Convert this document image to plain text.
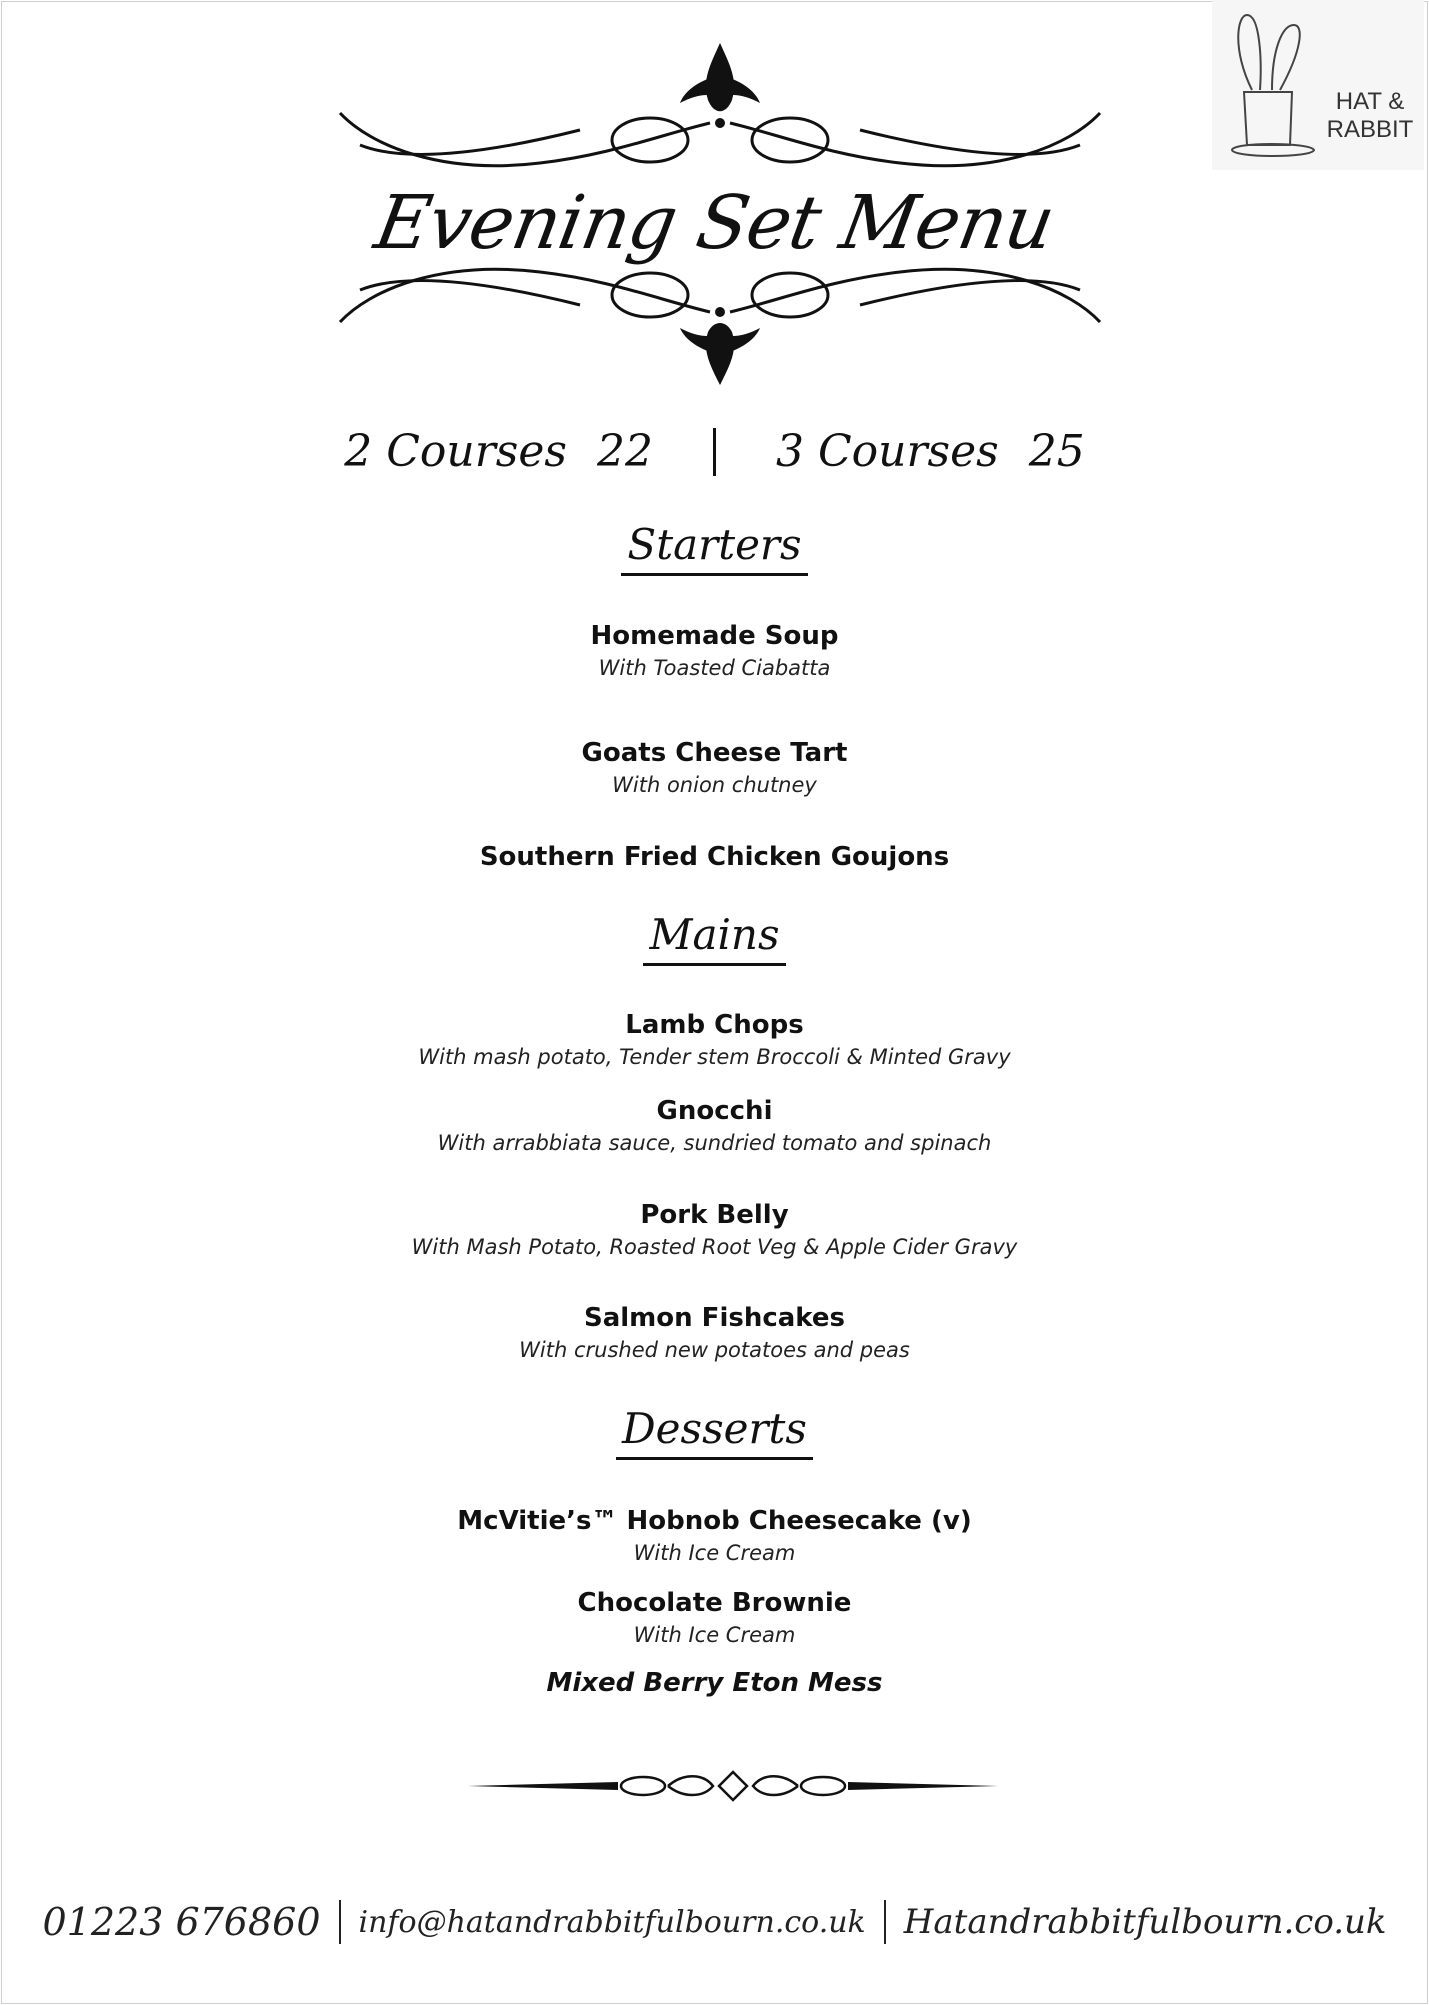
HAT &
RABBIT
Evening Set Menu
2 Courses 22	3 Courses 25
Starters
Homemade Soup
With Toasted Ciabatta
Goats Cheese Tart
With onion chutney
Southern Fried Chicken Goujons
Mains
Lamb Chops
With mash potato, Tender stem Broccoli & Minted Gravy
Gnocchi
With arrabbiata sauce, sundried tomato and spinach
Pork Belly
With Mash Potato, Roasted Root Veg & Apple Cider Gravy
Salmon Fishcakes
With crushed new potatoes and peas
Desserts
McVitie’s™ Hobnob Cheesecake (v)
With Ice Cream
Chocolate Brownie
With Ice Cream
Mixed Berry Eton Mess
01223 676860 info@hatandrabbitfulbourn.co.uk Hatandrabbitfulbourn.co.uk
